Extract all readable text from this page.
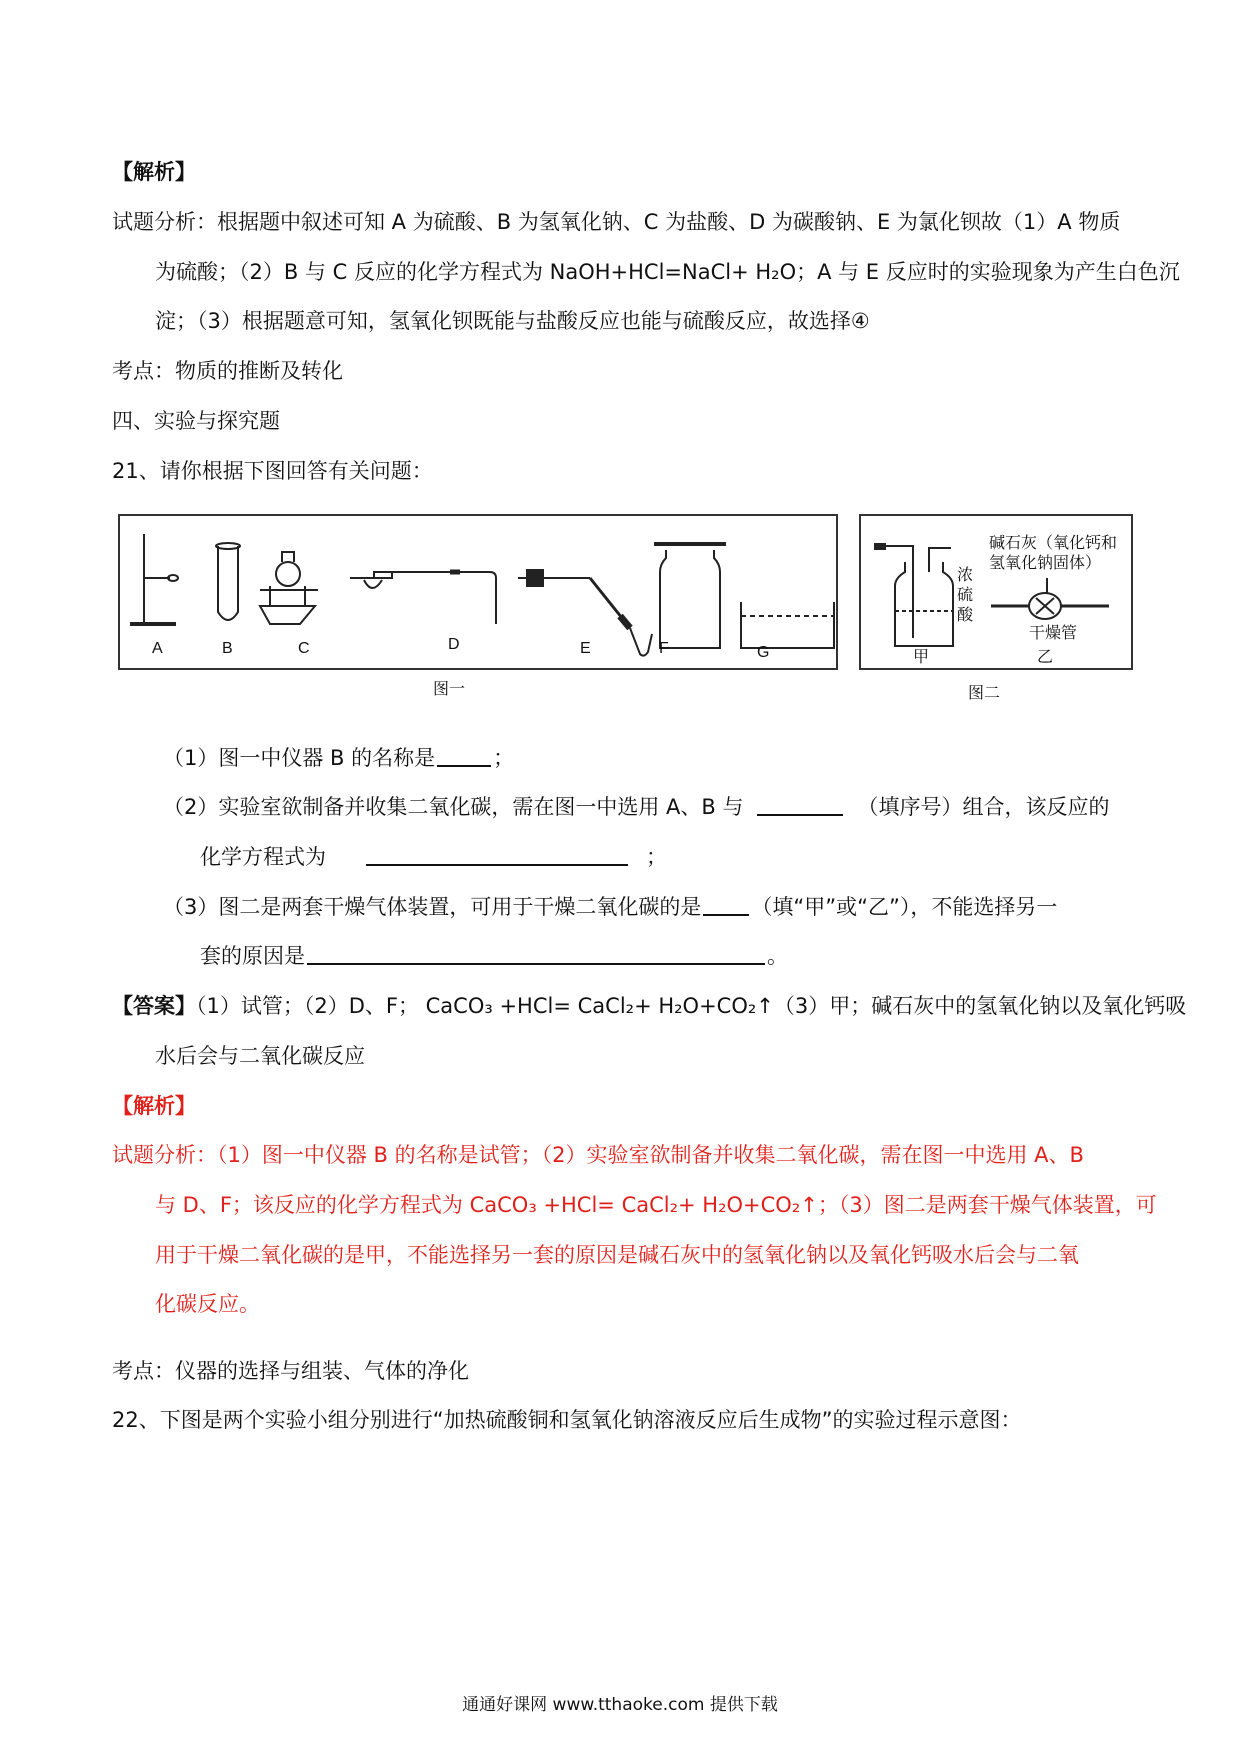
【解析】
试题分析：根据题中叙述可知 A 为硫酸、B 为氢氧化钠、C 为盐酸、D 为碳酸钠、E 为氯化钡故（1）A 物质
为硫酸；（2）B 与 C 反应的化学方程式为 NaOH+HCl=NaCl+ H₂O；A 与 E 反应时的实验现象为产生白色沉
淀；（3）根据题意可知，氢氧化钡既能与盐酸反应也能与硫酸反应，故选择④
考点：物质的推断及转化
四、实验与探究题
21、请你根据下图回答有关问题：
A	B	C	D	E	F	G
图一
浓
硫
酸
碱石灰（氧化钙和
氢氧化钠固体）
干燥管
甲	乙
图二
（1）图一中仪器 B 的名称是	；
（2）实验室欲制备并收集二氧化碳，需在图一中选用 A、B 与	（填序号）组合，该反应的
化学方程式为	；
（3）图二是两套干燥气体装置，可用于干燥二氧化碳的是 （填“甲”或“乙”），不能选择另一
套的原因是	。
【答案】（1）试管；（2）D、F； CaCO₃ +HCl= CaCl₂+ H₂O+CO₂↑（3）甲；碱石灰中的氢氧化钠以及氧化钙吸
水后会与二氧化碳反应
【解析】
试题分析：（1）图一中仪器 B 的名称是试管；（2）实验室欲制备并收集二氧化碳，需在图一中选用 A、B
与 D、F；该反应的化学方程式为 CaCO₃ +HCl= CaCl₂+ H₂O+CO₂↑；（3）图二是两套干燥气体装置，可
用于干燥二氧化碳的是甲，不能选择另一套的原因是碱石灰中的氢氧化钠以及氧化钙吸水后会与二氧
化碳反应。
考点：仪器的选择与组装、气体的净化
22、下图是两个实验小组分别进行“加热硫酸铜和氢氧化钠溶液反应后生成物”的实验过程示意图：
通通好课网 www.tthaoke.com 提供下载
